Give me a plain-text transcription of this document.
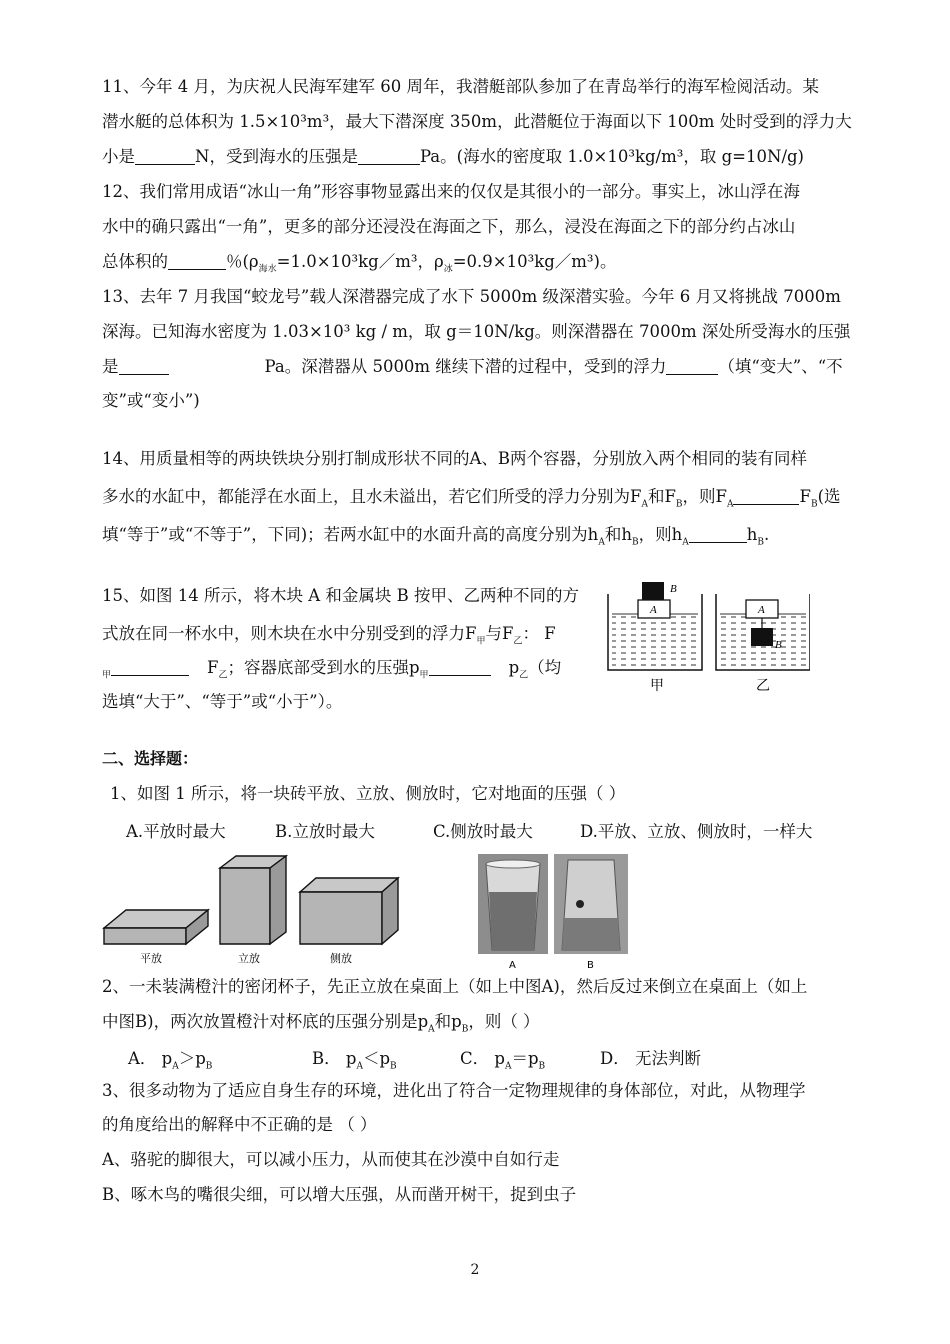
11、今年 4 月，为庆祝人民海军建军 60 周年，我潜艇部队参加了在青岛举行的海军检阅活动。某
潜水艇的总体积为 1.5×10³m³，最大下潜深度 350m，此潜艇位于海面以下 100m 处时受到的浮力大
小是	N，受到海水的压强是	Pa。(海水的密度取 1.0×10³kg/m³，取 g=10N/g)
12、我们常用成语“冰山一角”形容事物显露出来的仅仅是其很小的一部分。事实上，冰山浮在海
水中的确只露出“一角”，更多的部分还浸没在海面之下，那么，浸没在海面之下的部分约占冰山
总体积的	％($\rho_{海水}=1.0\times 10^3kg/m^3$，$\rho_冰=0.9\times 10^3kg/m^3$)。
13、去年 7 月我国“蛟龙号”载人深潜器完成了水下 5000m 级深潜实验。今年 6 月又将挑战 7000m
深海。已知海水密度为 1.03×10³ kg / m，取 g＝10N/kg。则深潜器在 7000m 深处所受海水的压强
是	Pa。深潜器从 5000m 继续下潜的过程中，受到的浮力	（填“变大”、“不
变”或“变小”)
14、用质量相等的两块铁块分别打制成形状不同的A、B两个容器，分别放入两个相同的装有同样
多水的水缸中，都能浮在水面上，且水未溢出，若它们所受的浮力分别为$F_A$和$F_B$，则$F_A$	$F_B$(选
填“等于”或“不等于”，下同)；若两水缸中的水面升高的高度分别为$h_A$和$h_B$，则$h_A$	$h_B$.
15、如图 14 所示，将木块 A 和金属块 B 按甲、乙两种不同的方
式放在同一杯水中，则木块在水中分别受到的浮力$F_甲$与$F_乙$： F
$_甲$	$F_乙$；容器底部受到水的压强$p_甲$	$p_乙$（均
选填“大于”、“等于”或“小于”）。
A
B
甲
A
B
乙
二、选择题：
1、如图 1 所示，将一块砖平放、立放、侧放时，它对地面的压强（ ）
A.平放时最大	B.立放时最大	C.侧放时最大	D.平放、立放、侧放时，一样大
平放	立放	侧放
A	B
2、一未装满橙汁的密闭杯子，先正立放在桌面上（如上中图A)，然后反过来倒立在桌面上（如上
中图B)，两次放置橙汁对杯底的压强分别是$p_A$和$p_B$，则（ ）
A． $p_A>p_B$	B． $p_A<p_B$	C． $p_A=p_B$	D． 无法判断
3、很多动物为了适应自身生存的环境，进化出了符合一定物理规律的身体部位，对此，从物理学
的角度给出的解释中不正确的是 （ ）
A、骆驼的脚很大，可以减小压力，从而使其在沙漠中自如行走
B、啄木鸟的嘴很尖细，可以增大压强，从而凿开树干，捉到虫子
2
